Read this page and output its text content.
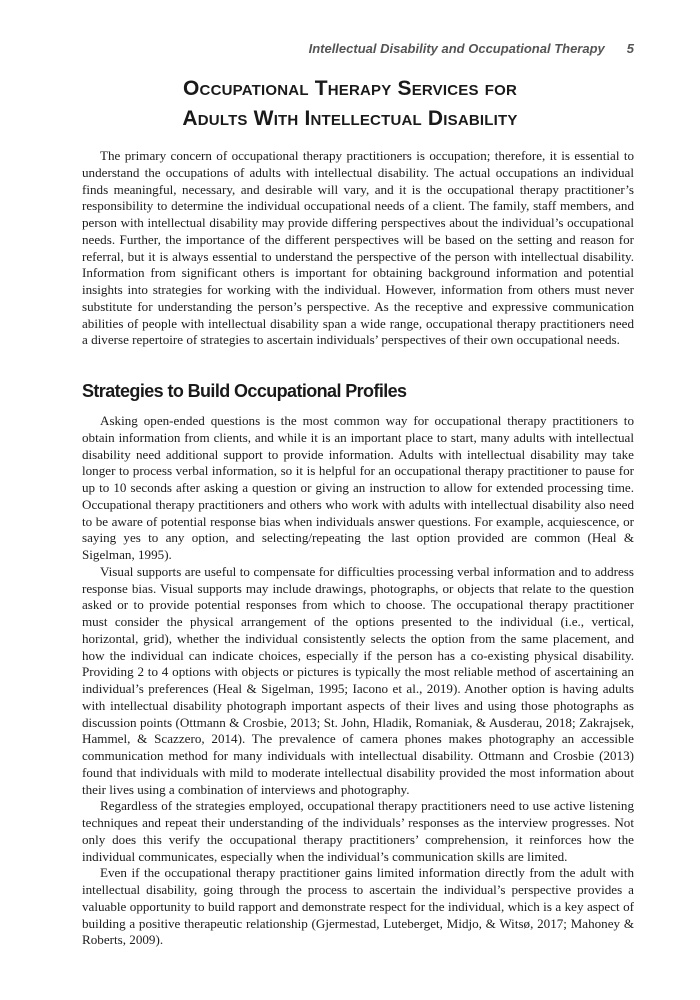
Intellectual Disability and Occupational Therapy 5
Occupational Therapy Services for
Adults With Intellectual Disability

The primary concern of occupational therapy practitioners is occupation; therefore, it is essential to understand the occupations of adults with intellectual disability. The actual occupations an individual finds meaningful, necessary, and desirable will vary, and it is the occupational therapy practitioner’s responsibility to determine the individual occupational needs of a client. The family, staff members, and person with intellectual disability may provide differing perspectives about the individual’s occupational needs. Further, the importance of the different perspectives will be based on the setting and reason for referral, but it is always essential to understand the perspective of the person with intellectual disability. Information from significant others is important for obtaining background information and potential insights into strategies for working with the individual. However, information from others must never substitute for understanding the person’s perspective. As the receptive and expressive communication abilities of people with intellectual disability span a wide range, occupational therapy practitioners need a diverse repertoire of strategies to ascertain individuals’ perspectives of their own occupational needs.

Strategies to Build Occupational Profiles

Asking open-ended questions is the most common way for occupational therapy practitioners to obtain information from clients, and while it is an important place to start, many adults with intellectual disability need additional support to provide information. Adults with intellectual disability may take longer to process verbal information, so it is helpful for an occupational therapy practitioner to pause for up to 10 seconds after asking a question or giving an instruction to allow for extended processing time. Occupational therapy practitioners and others who work with adults with intellectual disability also need to be aware of potential response bias when individuals answer questions. For example, acquiescence, or saying yes to any option, and selecting/repeating the last option provided are common (Heal & Sigelman, 1995).

Visual supports are useful to compensate for difficulties processing verbal information and to address response bias. Visual supports may include drawings, photographs, or objects that relate to the question asked or to provide potential responses from which to choose. The occupational therapy practitioner must consider the physical arrangement of the options presented to the individual (i.e., vertical, horizontal, grid), whether the individual consistently selects the option from the same placement, and how the individual can indicate choices, especially if the person has a co-existing physical disability. Providing 2 to 4 options with objects or pictures is typically the most reliable method of ascertaining an individual’s preferences (Heal & Sigelman, 1995; Iacono et al., 2019). Another option is having adults with intellectual disability photograph important aspects of their lives and using those photographs as discussion points (Ottmann & Crosbie, 2013; St. John, Hladik, Romaniak, & Ausderau, 2018; Zakrajsek, Hammel, & Scazzero, 2014). The prevalence of camera phones makes photography an accessible communication method for many individuals with intellectual disability. Ottmann and Crosbie (2013) found that individuals with mild to moderate intellectual disability provided the most information about their lives using a combination of interviews and photography.

Regardless of the strategies employed, occupational therapy practitioners need to use active listening techniques and repeat their understanding of the individuals’ responses as the interview progresses. Not only does this verify the occupational therapy practitioners’ comprehension, it reinforces how the individual communicates, especially when the individual’s communication skills are limited.

Even if the occupational therapy practitioner gains limited information directly from the adult with intellectual disability, going through the process to ascertain the individual’s perspective provides a valuable opportunity to build rapport and demonstrate respect for the individual, which is a key aspect of building a positive therapeutic relationship (Gjermestad, Luteberget, Midjo, & Witsø, 2017; Mahoney & Roberts, 2009).
